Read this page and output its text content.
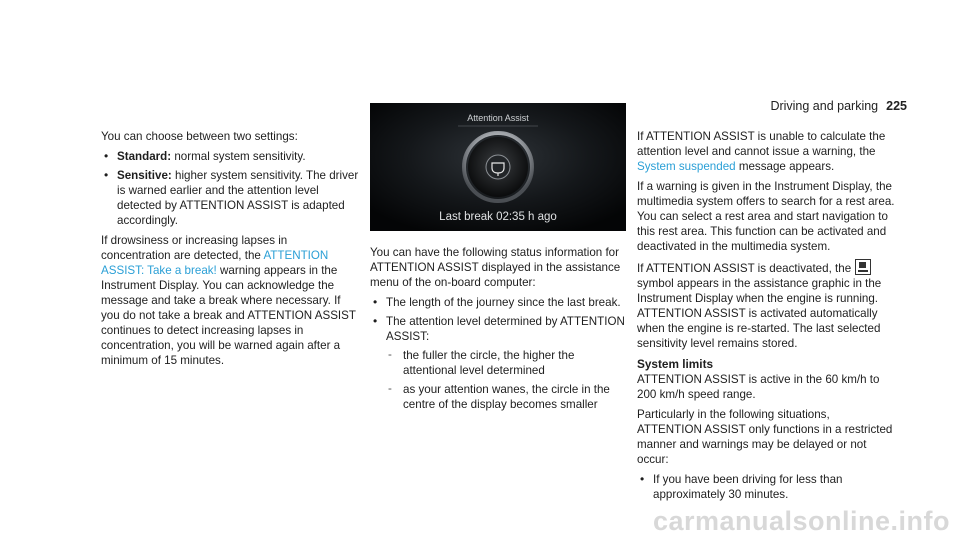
Driving and parking 225

You can choose between two settings:

• Standard: normal system sensitivity.
• Sensitive: higher system sensitivity. The driver is warned earlier and the attention level detected by ATTENTION ASSIST is adapted accordingly.

If drowsiness or increasing lapses in concentration are detected, the ATTENTION ASSIST: Take a break! warning appears in the Instrument Display. You can acknowledge the message and take a break where necessary. If you do not take a break and ATTENTION ASSIST continues to detect increasing lapses in concentration, you will be warned again after a minimum of 15 minutes.

Attention Assist
Last break 02:35 h ago

You can have the following status information for ATTENTION ASSIST displayed in the assistance menu of the on-board computer:

• The length of the journey since the last break.
• The attention level determined by ATTENTION ASSIST:
- the fuller the circle, the higher the attentional level determined
- as your attention wanes, the circle in the centre of the display becomes smaller

If ATTENTION ASSIST is unable to calculate the attention level and cannot issue a warning, the System suspended message appears.

If a warning is given in the Instrument Display, the multimedia system offers to search for a rest area. You can select a rest area and start navigation to this rest area. This function can be activated and deactivated in the multimedia system.

If ATTENTION ASSIST is deactivated, the  symbol appears in the assistance graphic in the Instrument Display when the engine is running. ATTENTION ASSIST is activated automatically when the engine is re-started. The last selected sensitivity level remains stored.

System limits

ATTENTION ASSIST is active in the 60 km/h to 200 km/h speed range.

Particularly in the following situations, ATTENTION ASSIST only functions in a restricted manner and warnings may be delayed or not occur:

• If you have been driving for less than approximately 30 minutes.
carmanualsonline.info
